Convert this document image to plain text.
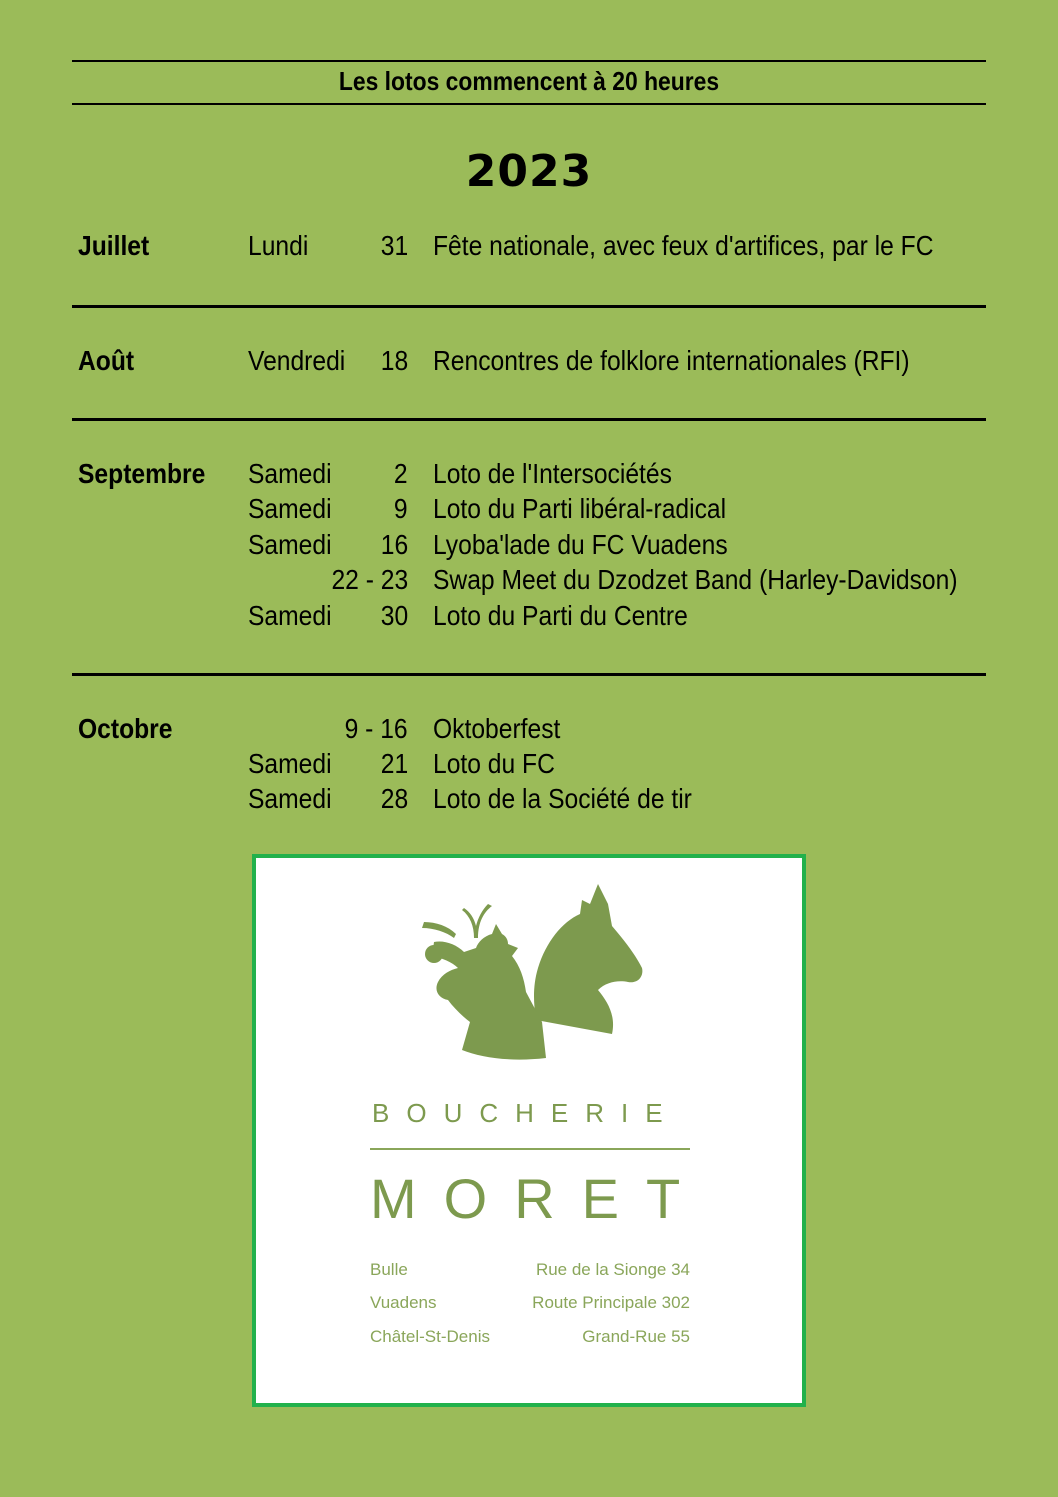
Les lotos commencent à 20 heures
2023
Juillet	Lundi	31 Fête nationale, avec feux d'artifices, par le FC
Août	Vendredi 18 Rencontres de folklore internationales (RFI)
Septembre Samedi 2 Loto de l'Intersociétés
Samedi 9 Loto du Parti libéral-radical
Samedi 16 Lyoba'lade du FC Vuadens
22 - 23 Swap Meet du Dzodzet Band (Harley-Davidson)
Samedi 30 Loto du Parti du Centre
Octobre	9 - 16 Oktoberfest
Samedi 21 Loto du FC
Samedi 28 Loto de la Société de tir
BOUCHERIE
MORET
Bulle	Rue de la Sionge 34
Vuadens	Route Principale 302
Châtel-St-Denis	Grand-Rue 55
